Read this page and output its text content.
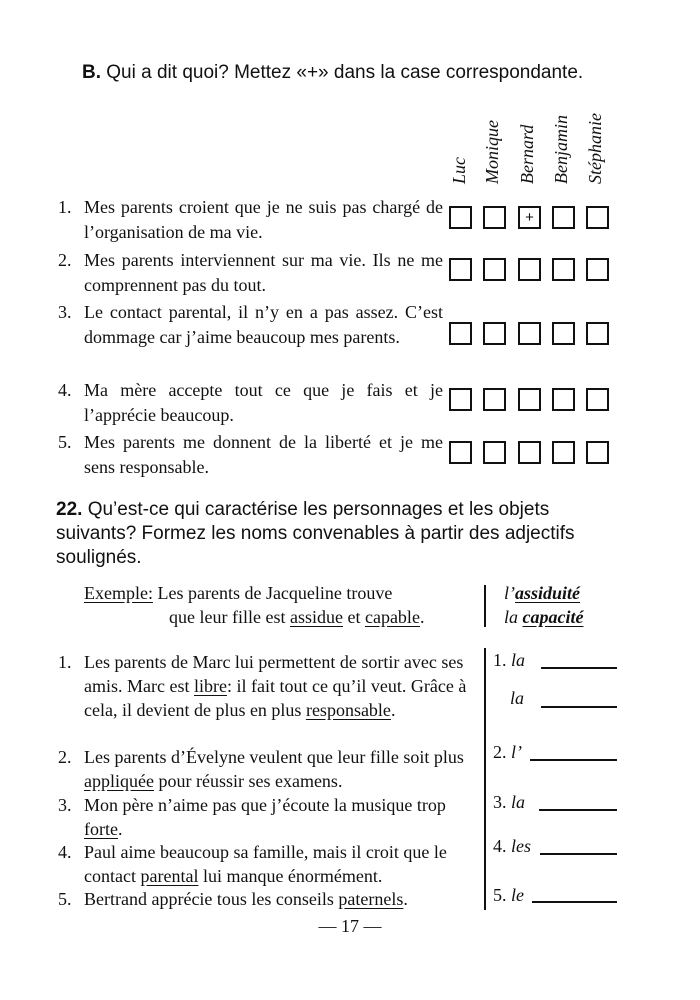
B. Qui a dit quoi? Mettez «+» dans la case correspondante.
Luc Monique Bernard Benjamin Stéphanie
1. Mes parents croient que je ne suis pas chargé de l’organisation de ma vie.
2. Mes parents interviennent sur ma vie. Ils ne me comprennent pas du tout.
3. Le contact parental, il n’y en a pas assez. C’est dommage car j’aime beaucoup mes parents.
4. Ma mère accepte tout ce que je fais et je l’apprécie beaucoup.
5. Mes parents me donnent de la liberté et je me sens responsable.
+
22. Qu’est-ce qui caractérise les personnages et les objets suivants? Formez les noms convenables à partir des adjectifs soulignés.
Exemple: Les parents de Jacqueline trouve
que leur fille est assidue et capable.
l’assiduité
la capacité
1. Les parents de Marc lui permettent de sortir avec ses amis. Marc est libre: il fait tout ce qu’il veut. Grâce à cela, il devient de plus en plus responsable.
2. Les parents d’Évelyne veulent que leur fille soit plus appliquée pour réussir ses examens.
3. Mon père n’aime pas que j’écoute la musique trop forte.
4. Paul aime beaucoup sa famille, mais il croit que le contact parental lui manque énormément.
5. Bertrand apprécie tous les conseils paternels.
1. la
la
2. l’
3. la
4. les
5. le
— 17 —
